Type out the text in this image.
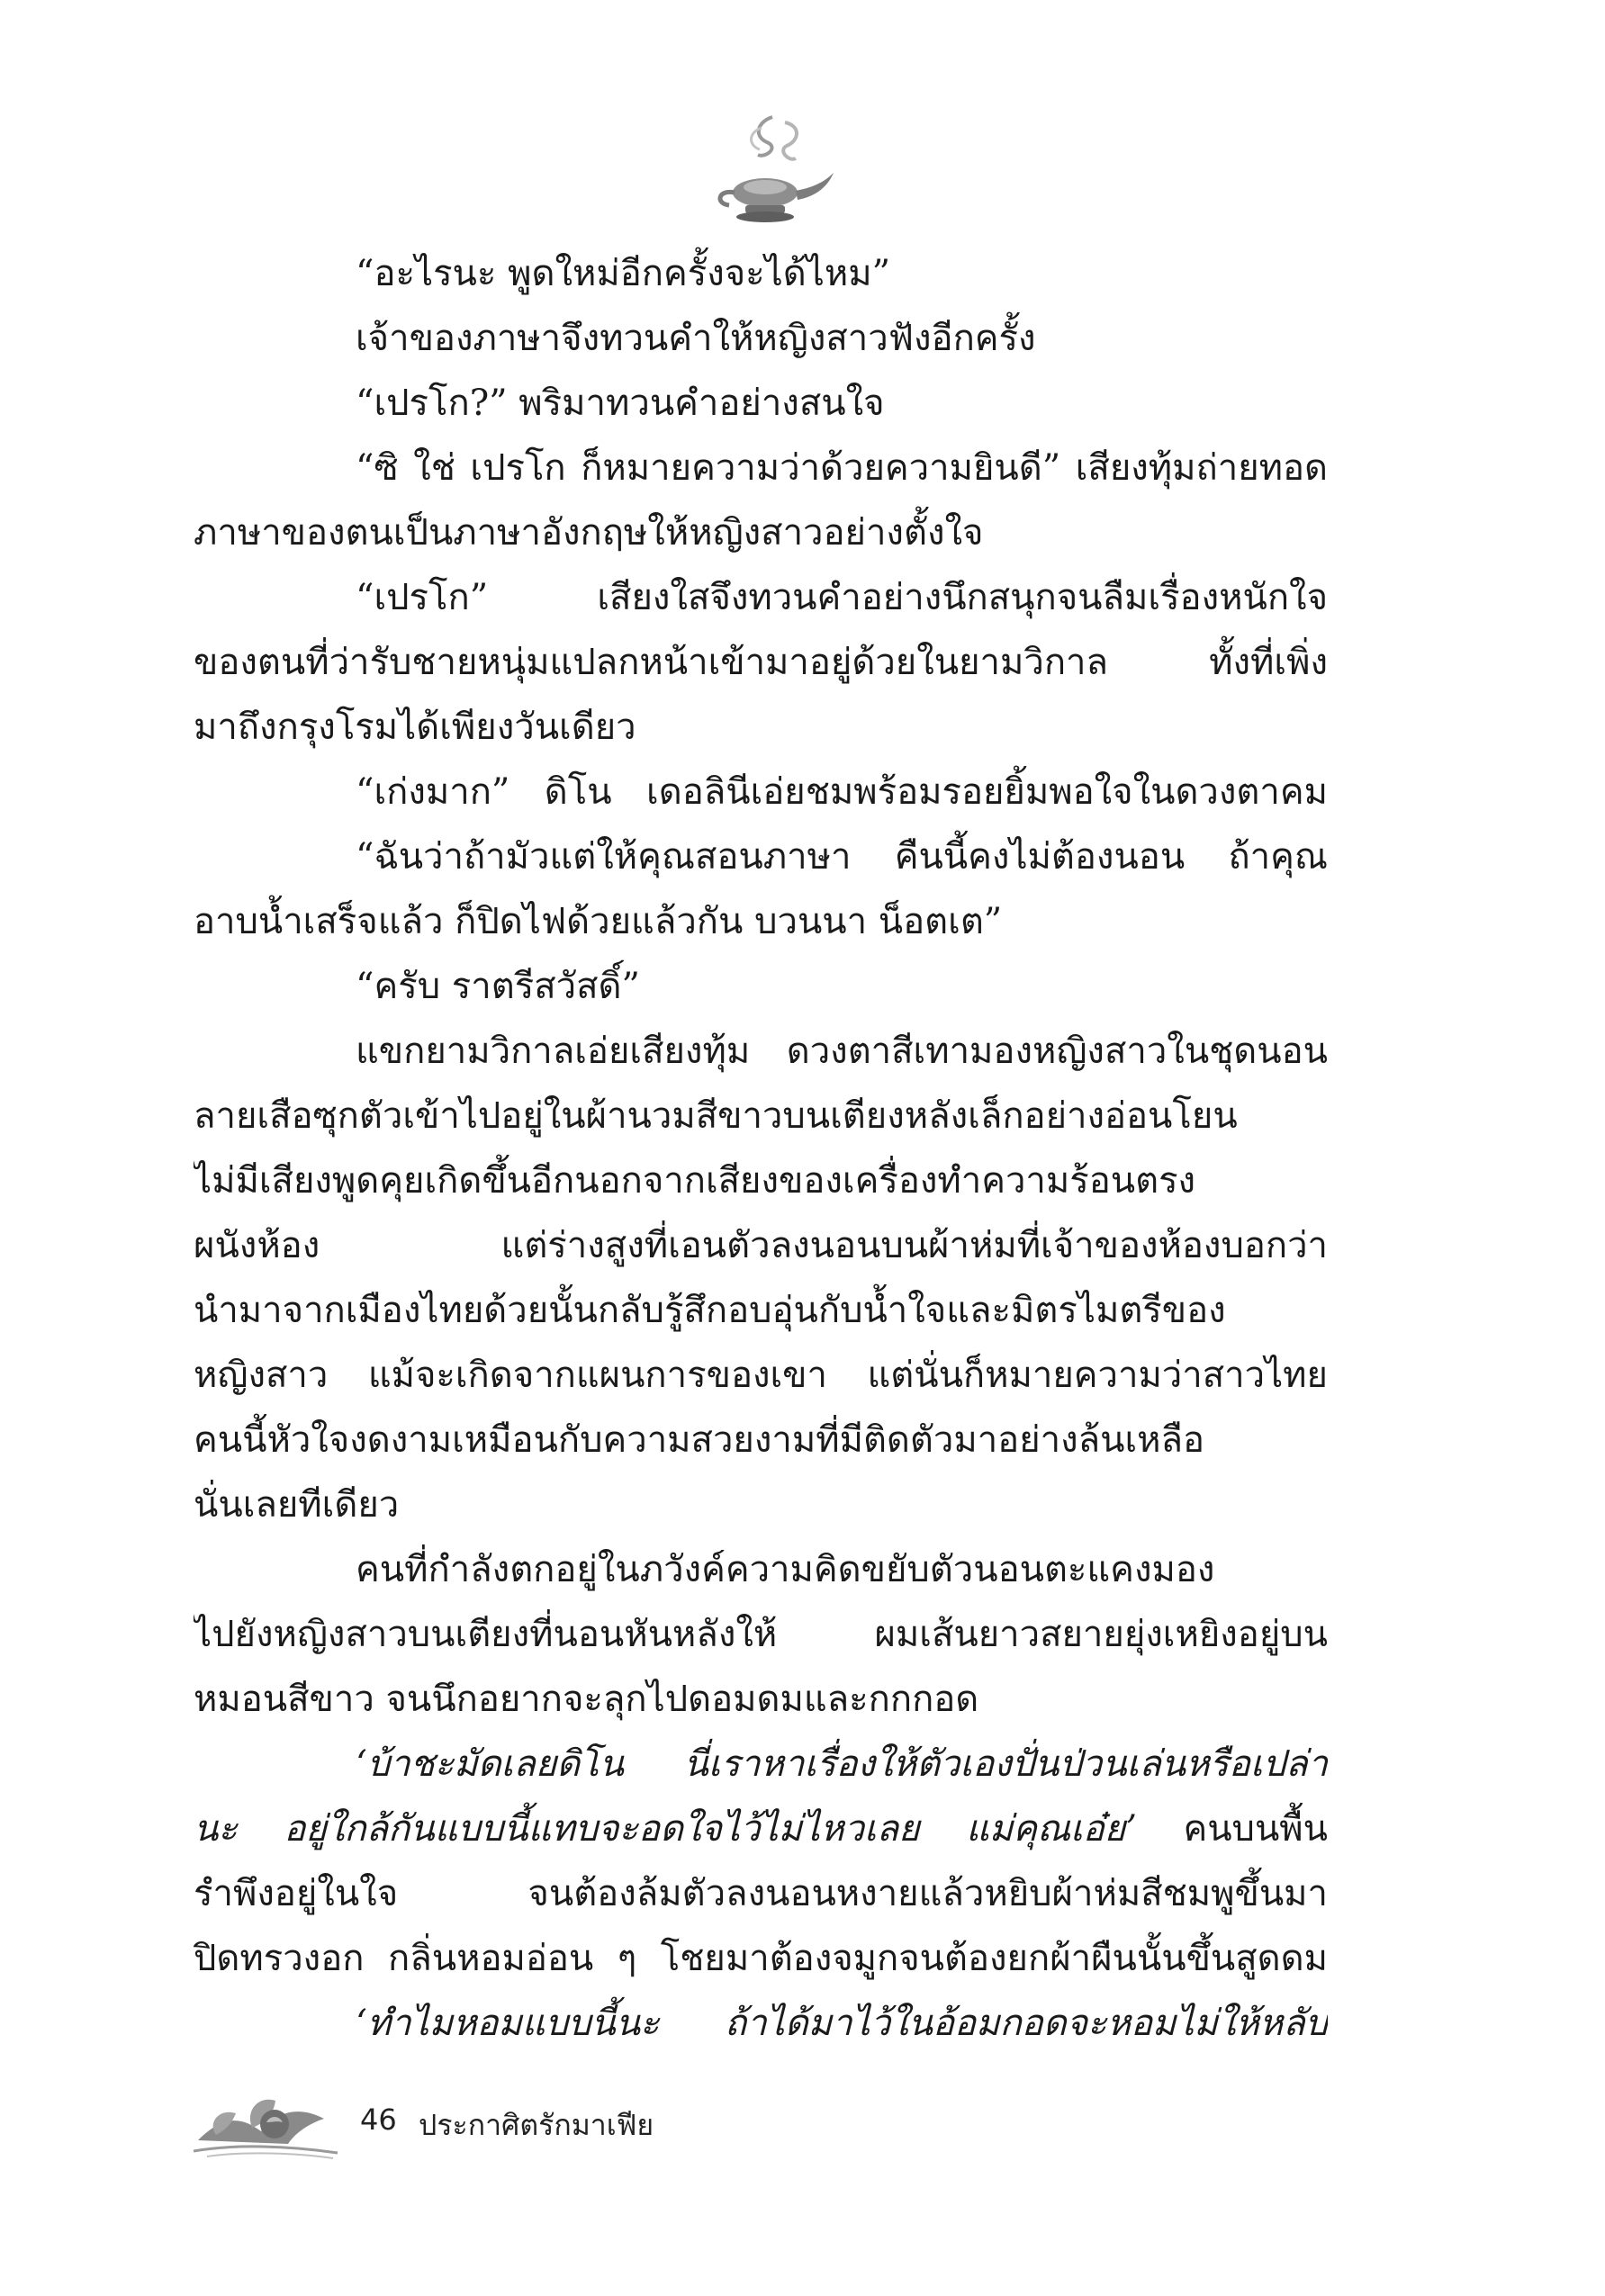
“อะไรนะ พูดใหม่อีกครั้งจะได้ไหม”
เจ้าของภาษาจึงทวนคำให้หญิงสาวฟังอีกครั้ง
“เปรโก?” พริมาทวนคำอย่างสนใจ
“ซิ ใช่ เปรโก ก็หมายความว่าด้วยความยินดี” เสียงทุ้มถ่ายทอด
ภาษาของตนเป็นภาษาอังกฤษให้หญิงสาวอย่างตั้งใจ
“เปรโก” เสียงใสจึงทวนคำอย่างนึกสนุกจนลืมเรื่องหนักใจ
ของตนที่ว่ารับชายหนุ่มแปลกหน้าเข้ามาอยู่ด้วยในยามวิกาล ทั้งที่เพิ่ง
มาถึงกรุงโรมได้เพียงวันเดียว
“เก่งมาก” ดิโน เดอลินีเอ่ยชมพร้อมรอยยิ้มพอใจในดวงตาคม
“ฉันว่าถ้ามัวแต่ให้คุณสอนภาษา คืนนี้คงไม่ต้องนอน ถ้าคุณ
อาบน้ำเสร็จแล้ว ก็ปิดไฟด้วยแล้วกัน บวนนา น็อตเต”
“ครับ ราตรีสวัสดิ์”
แขกยามวิกาลเอ่ยเสียงทุ้ม ดวงตาสีเทามองหญิงสาวในชุดนอน
ลายเสือซุกตัวเข้าไปอยู่ในผ้านวมสีขาวบนเตียงหลังเล็กอย่างอ่อนโยน
ไม่มีเสียงพูดคุยเกิดขึ้นอีกนอกจากเสียงของเครื่องทำความร้อนตรง
ผนังห้อง แต่ร่างสูงที่เอนตัวลงนอนบนผ้าห่มที่เจ้าของห้องบอกว่า
นำมาจากเมืองไทยด้วยนั้นกลับรู้สึกอบอุ่นกับน้ำใจและมิตรไมตรีของ
หญิงสาว แม้จะเกิดจากแผนการของเขา แต่นั่นก็หมายความว่าสาวไทย
คนนี้หัวใจงดงามเหมือนกับความสวยงามที่มีติดตัวมาอย่างล้นเหลือ
นั่นเลยทีเดียว
คนที่กำลังตกอยู่ในภวังค์ความคิดขยับตัวนอนตะแคงมอง
ไปยังหญิงสาวบนเตียงที่นอนหันหลังให้ ผมเส้นยาวสยายยุ่งเหยิงอยู่บน
หมอนสีขาว จนนึกอยากจะลุกไปดอมดมและกกกอด
‘บ้าชะมัดเลยดิโน นี่เราหาเรื่องให้ตัวเองปั่นป่วนเล่นหรือเปล่า
นะ อยู่ใกล้กันแบบนี้แทบจะอดใจไว้ไม่ไหวเลย แม่คุณเอ๋ย’ คนบนพื้น
รำพึงอยู่ในใจ จนต้องล้มตัวลงนอนหงายแล้วหยิบผ้าห่มสีชมพูขึ้นมา
ปิดทรวงอก กลิ่นหอมอ่อน ๆ โชยมาต้องจมูกจนต้องยกผ้าผืนนั้นขึ้นสูดดม
‘ทำไมหอมแบบนี้นะ ถ้าได้มาไว้ในอ้อมกอดจะหอมไม่ให้หลับ
46 ประกาศิตรักมาเฟีย
